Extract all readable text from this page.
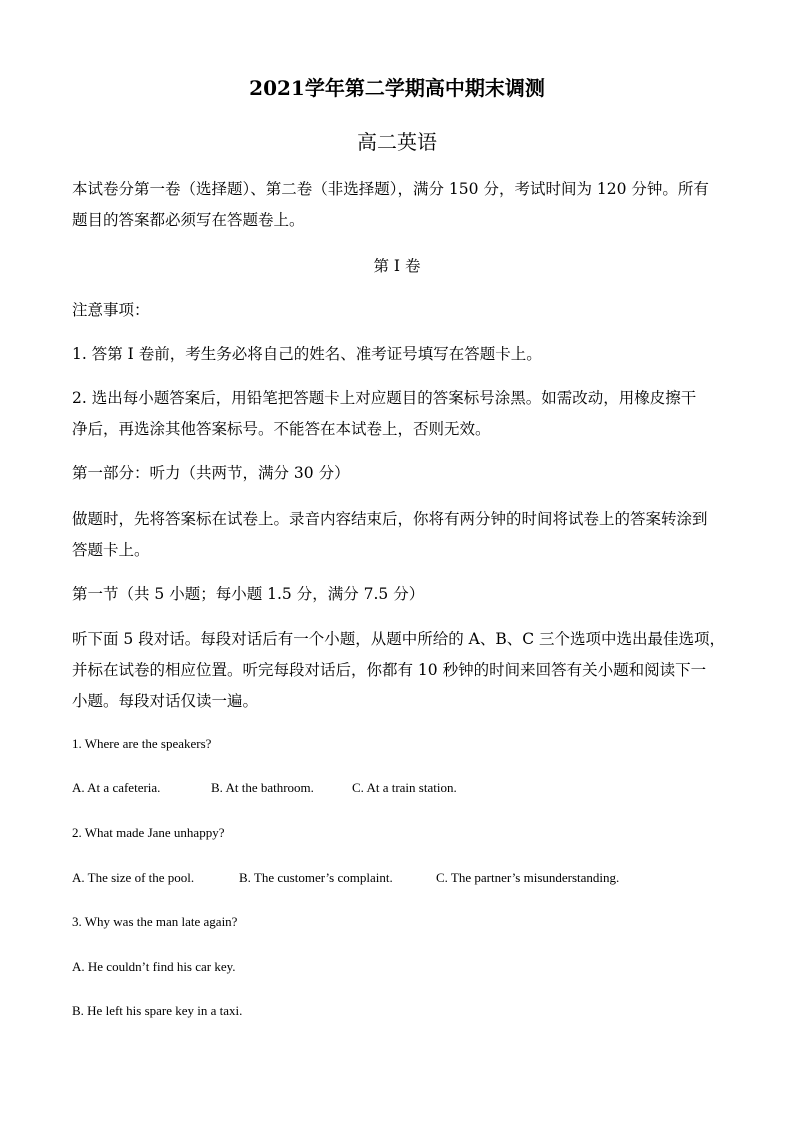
2021学年第二学期高中期末调测
高二英语
本试卷分第一卷（选择题）、第二卷（非选择题），满分 150 分，考试时间为 120 分钟。所有
题目的答案都必须写在答题卷上。
第 I 卷
注意事项：
1. 答第 I 卷前，考生务必将自己的姓名、准考证号填写在答题卡上。
2. 选出每小题答案后，用铅笔把答题卡上对应题目的答案标号涂黑。如需改动，用橡皮擦干
净后，再选涂其他答案标号。不能答在本试卷上，否则无效。
第一部分：听力（共两节，满分 30 分）
做题时，先将答案标在试卷上。录音内容结束后，你将有两分钟的时间将试卷上的答案转涂到
答题卡上。
第一节（共 5 小题；每小题 1.5 分，满分 7.5 分）
听下面 5 段对话。每段对话后有一个小题，从题中所给的 A、B、C 三个选项中选出最佳选项，
并标在试卷的相应位置。听完每段对话后，你都有 10 秒钟的时间来回答有关小题和阅读下一
小题。每段对话仅读一遍。
1. Where are the speakers?
A. At a cafeteria.	B. At the bathroom.	C. At a train station.
2. What made Jane unhappy?
A. The size of the pool.	B. The customer’s complaint.	C. The partner’s misunderstanding.
3. Why was the man late again?
A. He couldn’t find his car key.
B. He left his spare key in a taxi.
